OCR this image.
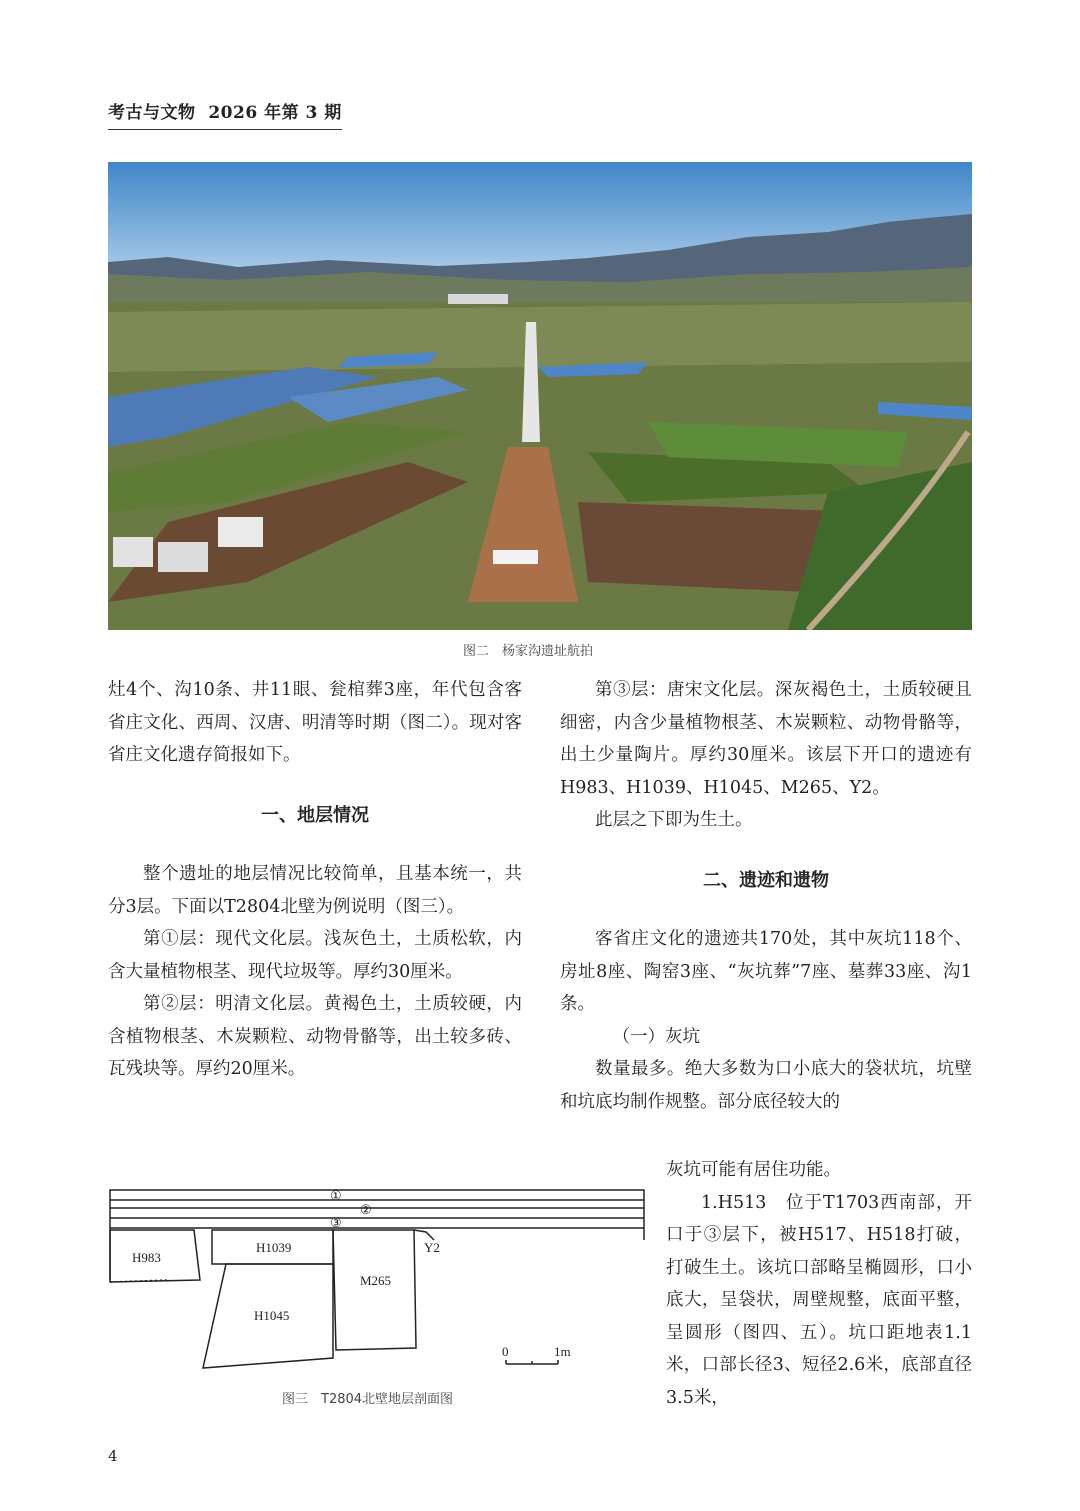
考古与文物 2026 年第 3 期
图二　杨家沟遗址航拍

灶4个、沟10条、井11眼、瓮棺葬3座，年代包含客省庄文化、西周、汉唐、明清等时期（图二）。现对客省庄文化遗存简报如下。

一、地层情况

整个遗址的地层情况比较简单，且基本统一，共分3层。下面以T2804北壁为例说明（图三）。

第①层：现代文化层。浅灰色土，土质松软，内含大量植物根茎、现代垃圾等。厚约30厘米。

第②层：明清文化层。黄褐色土，土质较硬，内含植物根茎、木炭颗粒、动物骨骼等，出土较多砖、瓦残块等。厚约20厘米。

第③层：唐宋文化层。深灰褐色土，土质较硬且细密，内含少量植物根茎、木炭颗粒、动物骨骼等，出土少量陶片。厚约30厘米。该层下开口的遗迹有H983、H1039、H1045、M265、Y2。

此层之下即为生土。

二、遗迹和遗物

客省庄文化的遗迹共170处，其中灰坑118个、房址8座、陶窑3座、“灰坑葬”7座、墓葬33座、沟1条。

（一）灰坑

数量最多。绝大多数为口小底大的袋状坑，坑壁和坑底均制作规整。部分底径较大的

灰坑可能有居住功能。

1.H513　位于T1703西南部，开口于③层下，被H517、H518打破，打破生土。该坑口部略呈椭圆形，口小底大，呈袋状，周壁规整，底面平整，呈圆形（图四、五）。坑口距地表1.1米，口部长径3、短径2.6米，底部直径3.5米，

①
②
③
H983
H1039
H1045
M265
Y2
0	1m
图三　T2804北壁地层剖面图
4
